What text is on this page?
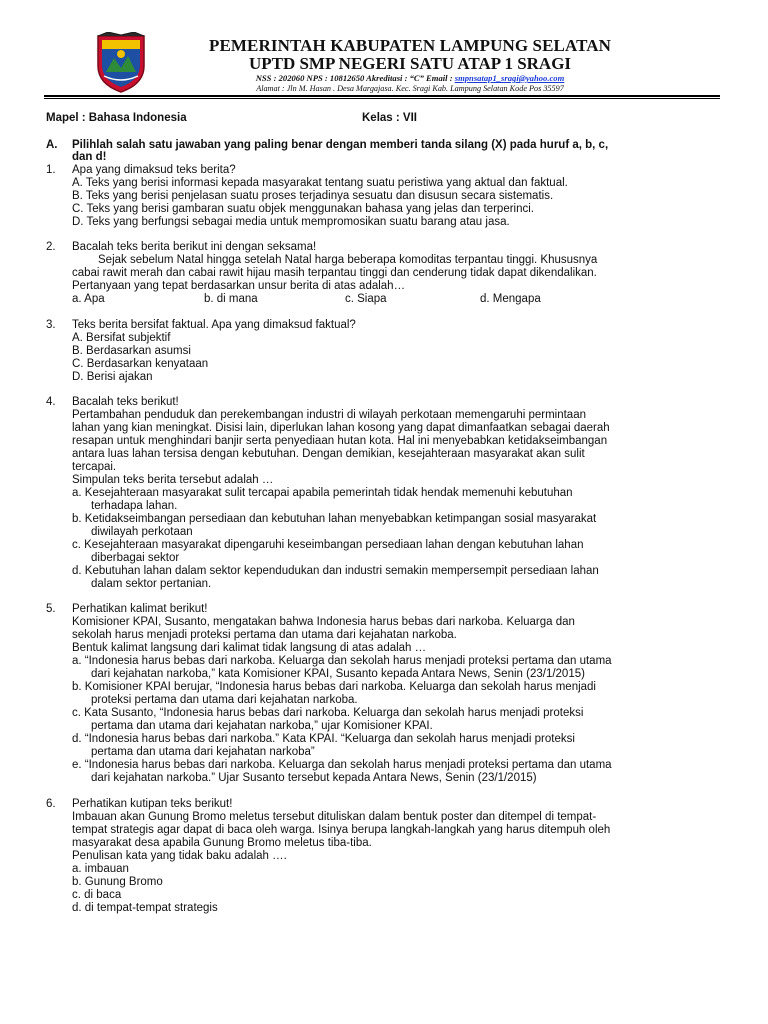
PEMERINTAH KABUPATEN LAMPUNG SELATAN
UPTD SMP NEGERI SATU ATAP 1 SRAGI
NSS : 202060 NPS : 10812650 Akreditasi : “C” Email : smpnsatap1_sragi@yahoo.com
Alamat : Jln M. Hasan . Desa Margajasa. Kec. Sragi Kab. Lampung Selatan Kode Pos 35597
Mapel : Bahasa Indonesia	Kelas : VII
A. Pilihlah salah satu jawaban yang paling benar dengan memberi tanda silang (X) pada huruf a, b, c,
dan d!
1. Apa yang dimaksud teks berita?
A. Teks yang berisi informasi kepada masyarakat tentang suatu peristiwa yang aktual dan faktual.
B. Teks yang berisi penjelasan suatu proses terjadinya sesuatu dan disusun secara sistematis.
C. Teks yang berisi gambaran suatu objek menggunakan bahasa yang jelas dan terperinci.
D. Teks yang berfungsi sebagai media untuk mempromosikan suatu barang atau jasa.
2. Bacalah teks berita berikut ini dengan seksama!
Sejak sebelum Natal hingga setelah Natal harga beberapa komoditas terpantau tinggi. Khususnya
cabai rawit merah dan cabai rawit hijau masih terpantau tinggi dan cenderung tidak dapat dikendalikan.
Pertanyaan yang tepat berdasarkan unsur berita di atas adalah…
a. Apa	b. di mana	c. Siapa	d. Mengapa
3. Teks berita bersifat faktual. Apa yang dimaksud faktual?
A. Bersifat subjektif
B. Berdasarkan asumsi
C. Berdasarkan kenyataan
D. Berisi ajakan
4. Bacalah teks berikut!
Pertambahan penduduk dan perekembangan industri di wilayah perkotaan memengaruhi permintaan
lahan yang kian meningkat. Disisi lain, diperlukan lahan kosong yang dapat dimanfaatkan sebagai daerah
resapan untuk menghindari banjir serta penyediaan hutan kota. Hal ini menyebabkan ketidakseimbangan
antara luas lahan tersisa dengan kebutuhan. Dengan demikian, kesejahteraan masyarakat akan sulit
tercapai.
Simpulan teks berita tersebut adalah …
a. Kesejahteraan masyarakat sulit tercapai apabila pemerintah tidak hendak memenuhi kebutuhan
terhadapa lahan.
b. Ketidakseimbangan persediaan dan kebutuhan lahan menyebabkan ketimpangan sosial masyarakat
diwilayah perkotaan
c. Kesejahteraan masyarakat dipengaruhi keseimbangan persediaan lahan dengan kebutuhan lahan
diberbagai sektor
d. Kebutuhan lahan dalam sektor kependudukan dan industri semakin mempersempit persediaan lahan
dalam sektor pertanian.
5. Perhatikan kalimat berikut!
Komisioner KPAI, Susanto, mengatakan bahwa Indonesia harus bebas dari narkoba. Keluarga dan
sekolah harus menjadi proteksi pertama dan utama dari kejahatan narkoba.
Bentuk kalimat langsung dari kalimat tidak langsung di atas adalah …
a. “Indonesia harus bebas dari narkoba. Keluarga dan sekolah harus menjadi proteksi pertama dan utama
dari kejahatan narkoba,” kata Komisioner KPAI, Susanto kepada Antara News, Senin (23/1/2015)
b. Komisioner KPAI berujar, “Indonesia harus bebas dari narkoba. Keluarga dan sekolah harus menjadi
proteksi pertama dan utama dari kejahatan narkoba.
c. Kata Susanto, “Indonesia harus bebas dari narkoba. Keluarga dan sekolah harus menjadi proteksi
pertama dan utama dari kejahatan narkoba,” ujar Komisioner KPAI.
d. “Indonesia harus bebas dari narkoba.” Kata KPAI. “Keluarga dan sekolah harus menjadi proteksi
pertama dan utama dari kejahatan narkoba”
e. “Indonesia harus bebas dari narkoba. Keluarga dan sekolah harus menjadi proteksi pertama dan utama
dari kejahatan narkoba.” Ujar Susanto tersebut kepada Antara News, Senin (23/1/2015)
6. Perhatikan kutipan teks berikut!
Imbauan akan Gunung Bromo meletus tersebut dituliskan dalam bentuk poster dan ditempel di tempat-
tempat strategis agar dapat di baca oleh warga. Isinya berupa langkah-langkah yang harus ditempuh oleh
masyarakat desa apabila Gunung Bromo meletus tiba-tiba.
Penulisan kata yang tidak baku adalah ….
a. imbauan
b. Gunung Bromo
c. di baca
d. di tempat-tempat strategis
